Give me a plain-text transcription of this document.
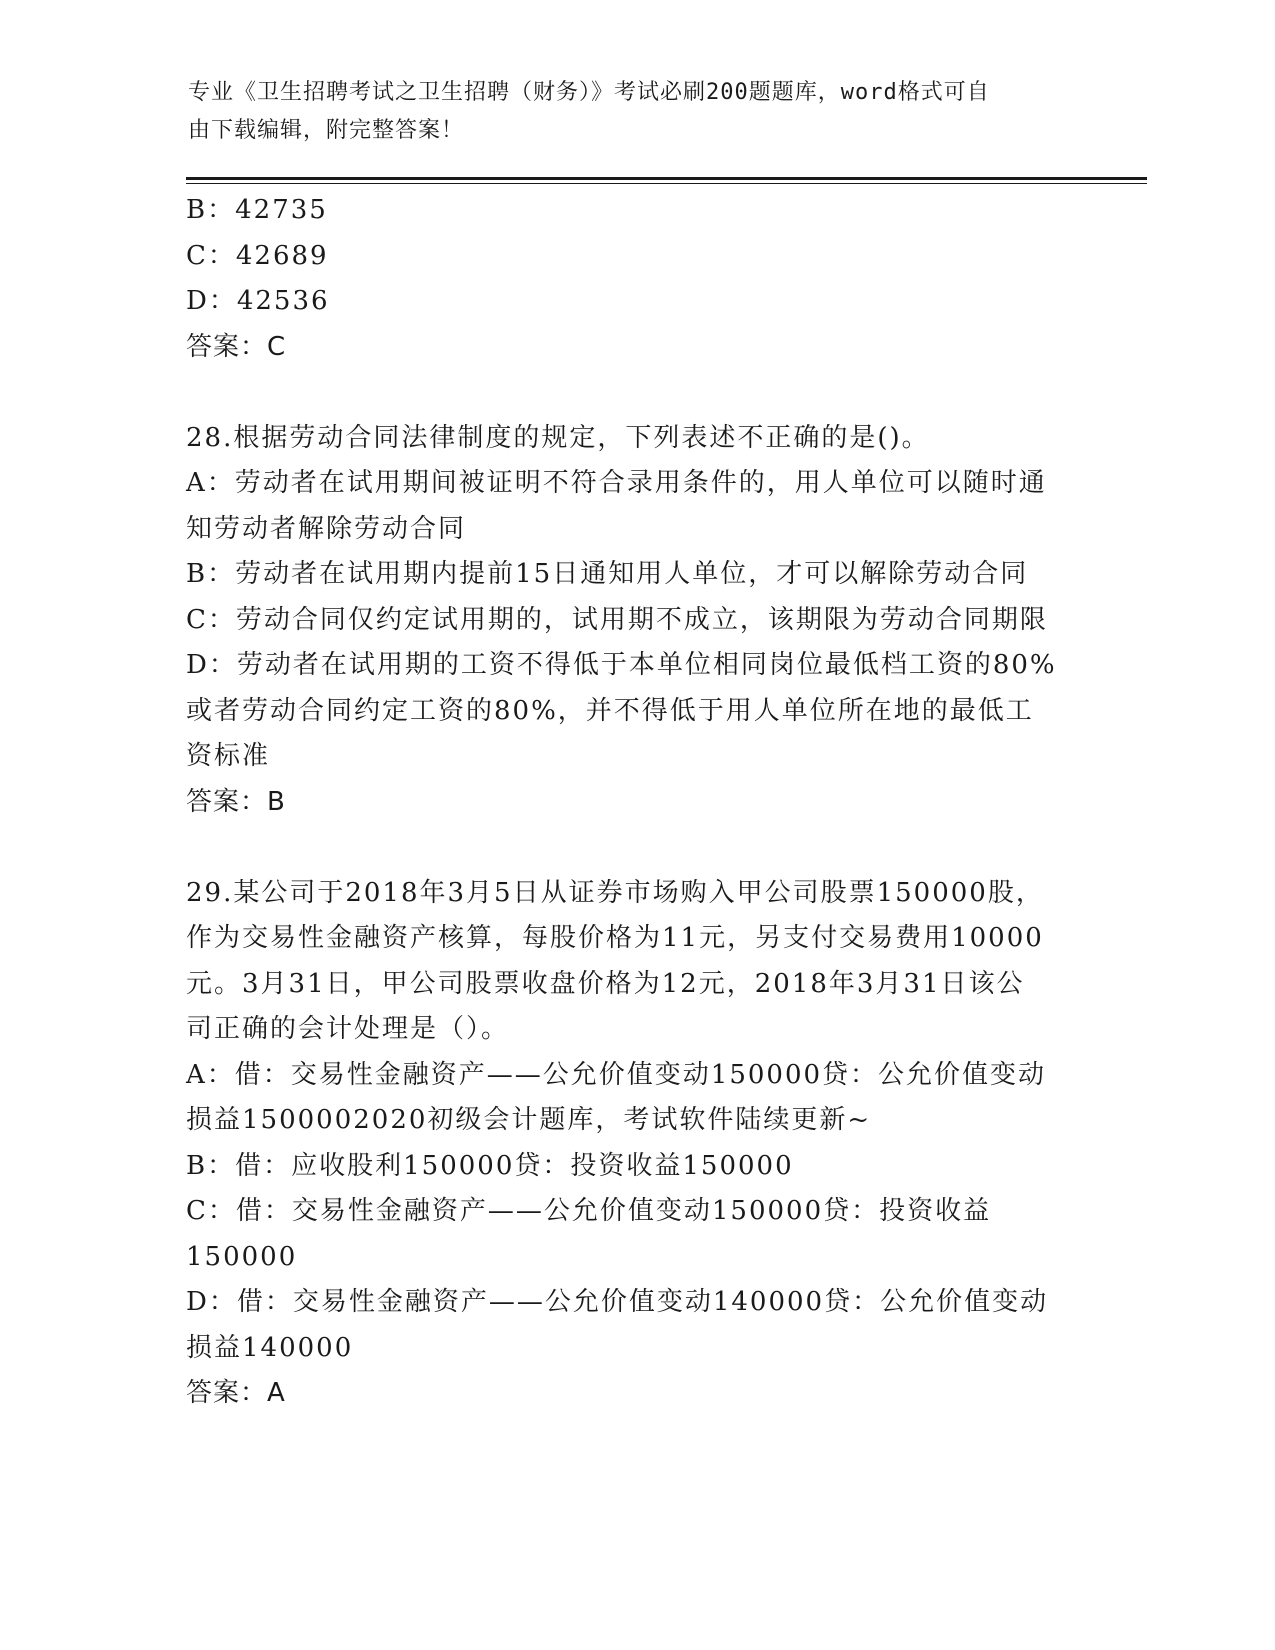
专业《卫生招聘考试之卫生招聘（财务）》考试必刷200题题库，word格式可自
由下载编辑，附完整答案！
B：42735
C：42689
D：42536
答案：C
28.根据劳动合同法律制度的规定，下列表述不正确的是()。
A：劳动者在试用期间被证明不符合录用条件的，用人单位可以随时通
知劳动者解除劳动合同
B：劳动者在试用期内提前15日通知用人单位，才可以解除劳动合同
C：劳动合同仅约定试用期的，试用期不成立，该期限为劳动合同期限
D：劳动者在试用期的工资不得低于本单位相同岗位最低档工资的80%
或者劳动合同约定工资的80%，并不得低于用人单位所在地的最低工
资标准
答案：B
29.某公司于2018年3月5日从证券市场购入甲公司股票150000股，
作为交易性金融资产核算，每股价格为11元，另支付交易费用10000
元。3月31日，甲公司股票收盘价格为12元，2018年3月31日该公
司正确的会计处理是（）。
A：借：交易性金融资产——公允价值变动150000贷：公允价值变动
损益1500002020初级会计题库，考试软件陆续更新~
B：借：应收股利150000贷：投资收益150000
C：借：交易性金融资产——公允价值变动150000贷：投资收益
150000
D：借：交易性金融资产——公允价值变动140000贷：公允价值变动
损益140000
答案：A
